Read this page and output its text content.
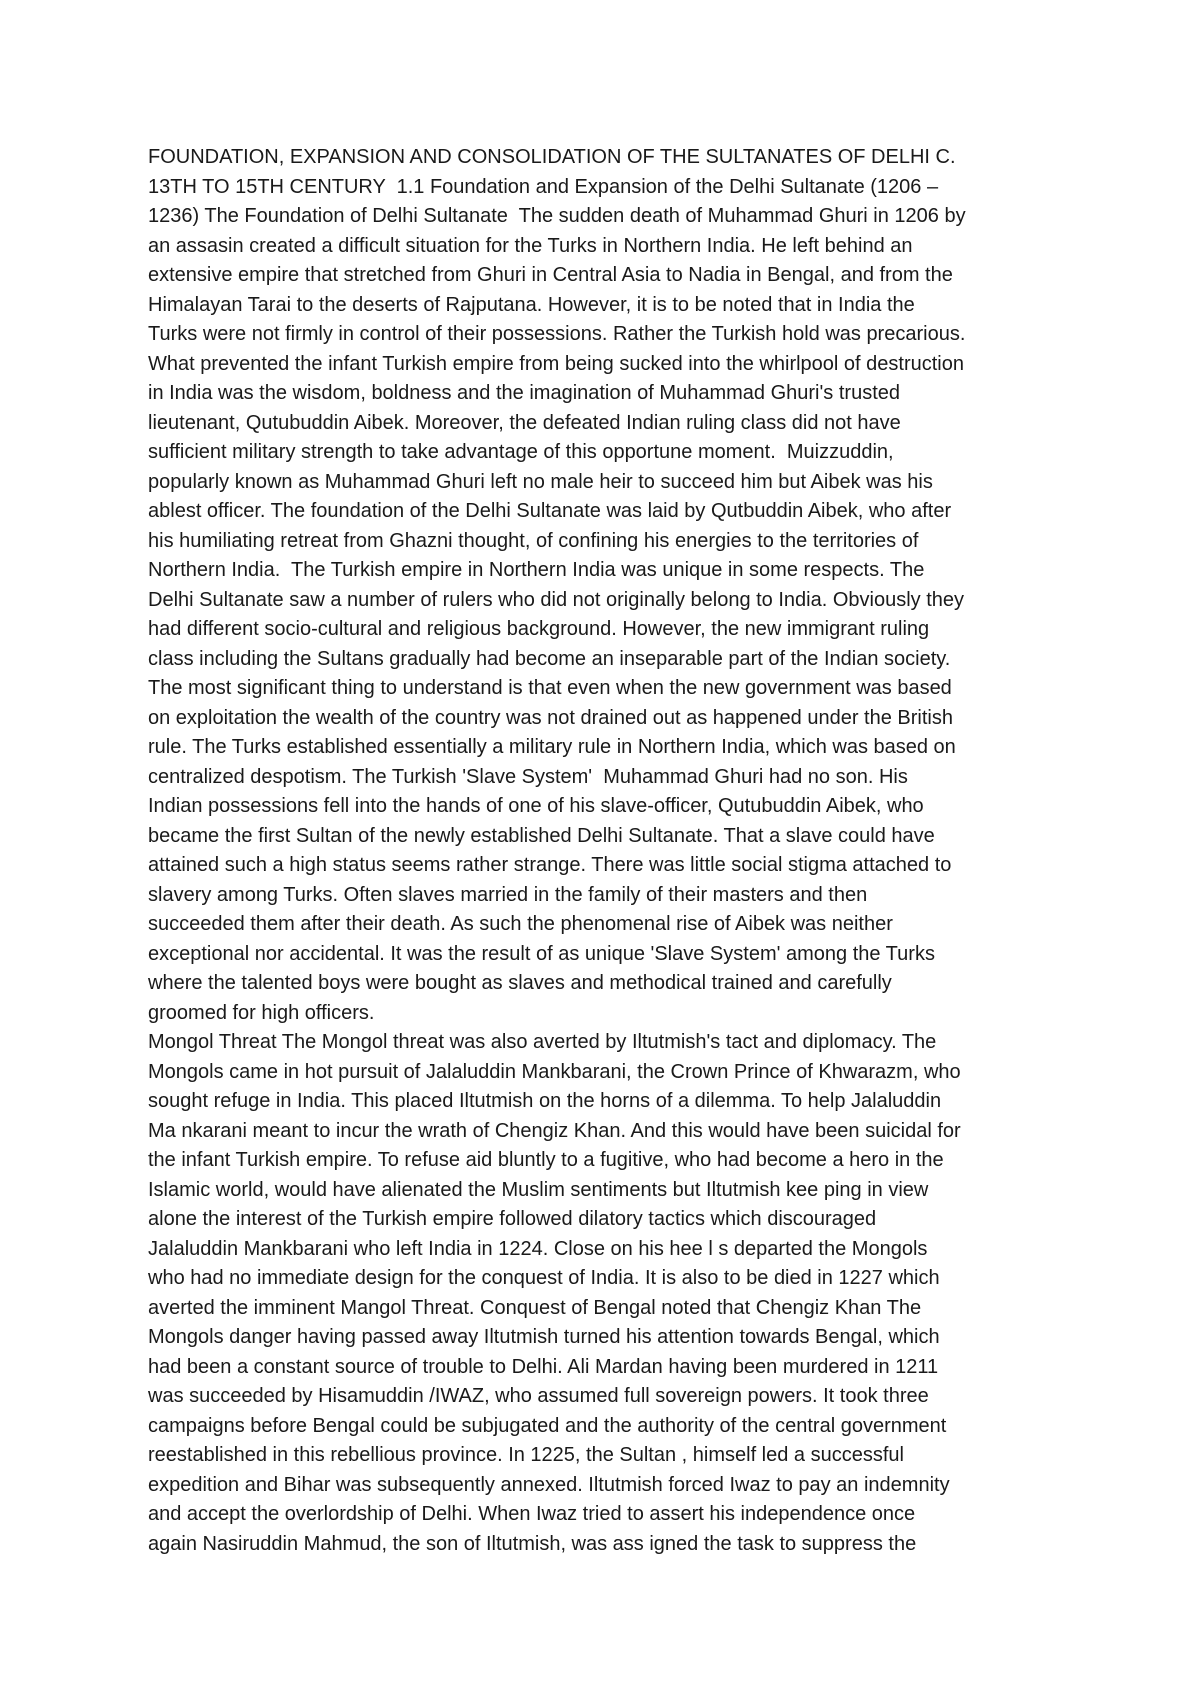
FOUNDATION, EXPANSION AND CONSOLIDATION OF THE SULTANATES OF DELHI C.
13TH TO 15TH CENTURY  1.1 Foundation and Expansion of the Delhi Sultanate (1206 –
1236) The Foundation of Delhi Sultanate  The sudden death of Muhammad Ghuri in 1206 by
an assasin created a difficult situation for the Turks in Northern India. He left behind an
extensive empire that stretched from Ghuri in Central Asia to Nadia in Bengal, and from the
Himalayan Tarai to the deserts of Rajputana. However, it is to be noted that in India the
Turks were not firmly in control of their possessions. Rather the Turkish hold was precarious.
What prevented the infant Turkish empire from being sucked into the whirlpool of destruction
in India was the wisdom, boldness and the imagination of Muhammad Ghuri's trusted
lieutenant, Qutubuddin Aibek. Moreover, the defeated Indian ruling class did not have
sufficient military strength to take advantage of this opportune moment.  Muizzuddin,
popularly known as Muhammad Ghuri left no male heir to succeed him but Aibek was his
ablest officer. The foundation of the Delhi Sultanate was laid by Qutbuddin Aibek, who after
his humiliating retreat from Ghazni thought, of confining his energies to the territories of
Northern India.  The Turkish empire in Northern India was unique in some respects. The
Delhi Sultanate saw a number of rulers who did not originally belong to India. Obviously they
had different socio-cultural and religious background. However, the new immigrant ruling
class including the Sultans gradually had become an inseparable part of the Indian society.
The most significant thing to understand is that even when the new government was based
on exploitation the wealth of the country was not drained out as happened under the British
rule. The Turks established essentially a military rule in Northern India, which was based on
centralized despotism. The Turkish 'Slave System'  Muhammad Ghuri had no son. His
Indian possessions fell into the hands of one of his slave-officer, Qutubuddin Aibek, who
became the first Sultan of the newly established Delhi Sultanate. That a slave could have
attained such a high status seems rather strange. There was little social stigma attached to
slavery among Turks. Often slaves married in the family of their masters and then
succeeded them after their death. As such the phenomenal rise of Aibek was neither
exceptional nor accidental. It was the result of as unique 'Slave System' among the Turks
where the talented boys were bought as slaves and methodical trained and carefully
groomed for high officers.
Mongol Threat The Mongol threat was also averted by Iltutmish's tact and diplomacy. The
Mongols came in hot pursuit of Jalaluddin Mankbarani, the Crown Prince of Khwarazm, who
sought refuge in India. This placed Iltutmish on the horns of a dilemma. To help Jalaluddin
Ma nkarani meant to incur the wrath of Chengiz Khan. And this would have been suicidal for
the infant Turkish empire. To refuse aid bluntly to a fugitive, who had become a hero in the
Islamic world, would have alienated the Muslim sentiments but Iltutmish kee ping in view
alone the interest of the Turkish empire followed dilatory tactics which discouraged
Jalaluddin Mankbarani who left India in 1224. Close on his hee l s departed the Mongols
who had no immediate design for the conquest of India. It is also to be died in 1227 which
averted the imminent Mangol Threat. Conquest of Bengal noted that Chengiz Khan The
Mongols danger having passed away Iltutmish turned his attention towards Bengal, which
had been a constant source of trouble to Delhi. Ali Mardan having been murdered in 1211
was succeeded by Hisamuddin /IWAZ, who assumed full sovereign powers. It took three
campaigns before Bengal could be subjugated and the authority of the central government
reestablished in this rebellious province. In 1225, the Sultan , himself led a successful
expedition and Bihar was subsequently annexed. Iltutmish forced Iwaz to pay an indemnity
and accept the overlordship of Delhi. When Iwaz tried to assert his independence once
again Nasiruddin Mahmud, the son of Iltutmish, was ass igned the task to suppress the
